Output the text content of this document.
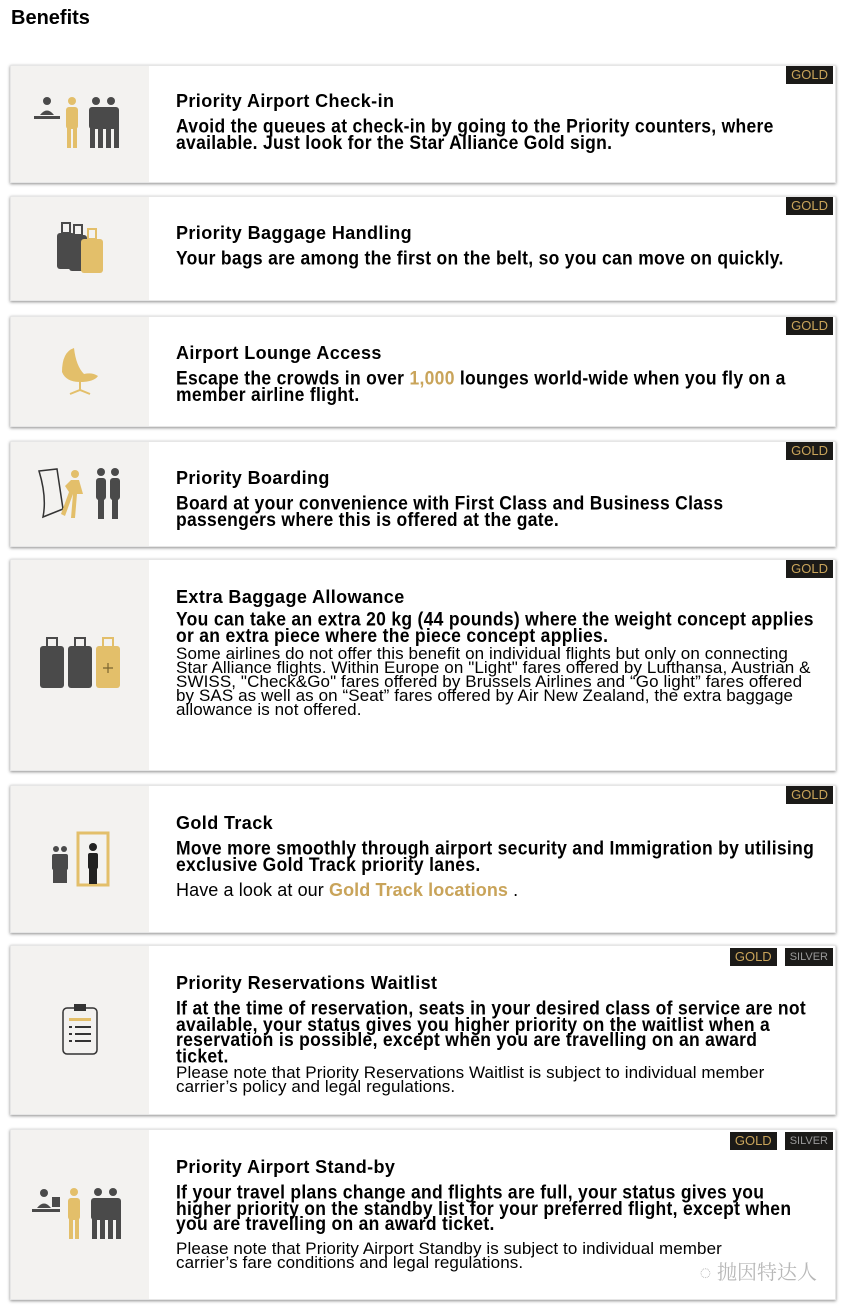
Benefits
GOLD
Priority Airport Check-in
Avoid the queues at check-in by going to the Priority counters, where available. Just look for the Star Alliance Gold sign.
GOLD
Priority Baggage Handling
Your bags are among the first on the belt, so you can move on quickly.
GOLD
Airport Lounge Access
Escape the crowds in over 1,000 lounges world-wide when you fly on a member airline flight.
GOLD
Priority Boarding
Board at your convenience with First Class and Business Class passengers where this is offered at the gate.
GOLD
Extra Baggage Allowance
You can take an extra 20 kg (44 pounds) where the weight concept applies or an extra piece where the piece concept applies.
Some airlines do not offer this benefit on individual flights but only on connecting Star Alliance flights. Within Europe on "Light" fares offered by Lufthansa, Austrian & SWISS, "Check&Go" fares offered by Brussels Airlines and “Go light” fares offered by SAS as well as on “Seat” fares offered by Air New Zealand, the extra baggage allowance is not offered.
GOLD
Gold Track
Move more smoothly through airport security and Immigration by utilising exclusive Gold Track priority lanes.
Have a look at our Gold Track locations .
GOLD	SILVER
Priority Reservations Waitlist
If at the time of reservation, seats in your desired class of service are not available, your status gives you higher priority on the waitlist when a reservation is possible, except when you are travelling on an award ticket.
Please note that Priority Reservations Waitlist is subject to individual member carrier’s policy and legal regulations.
GOLD	SILVER
Priority Airport Stand-by
If your travel plans change and flights are full, your status gives you higher priority on the standby list for your preferred flight, except when you are travelling on an award ticket.
Please note that Priority Airport Standby is subject to individual member carrier’s fare conditions and legal regulations.	◌ 抛因特达人
